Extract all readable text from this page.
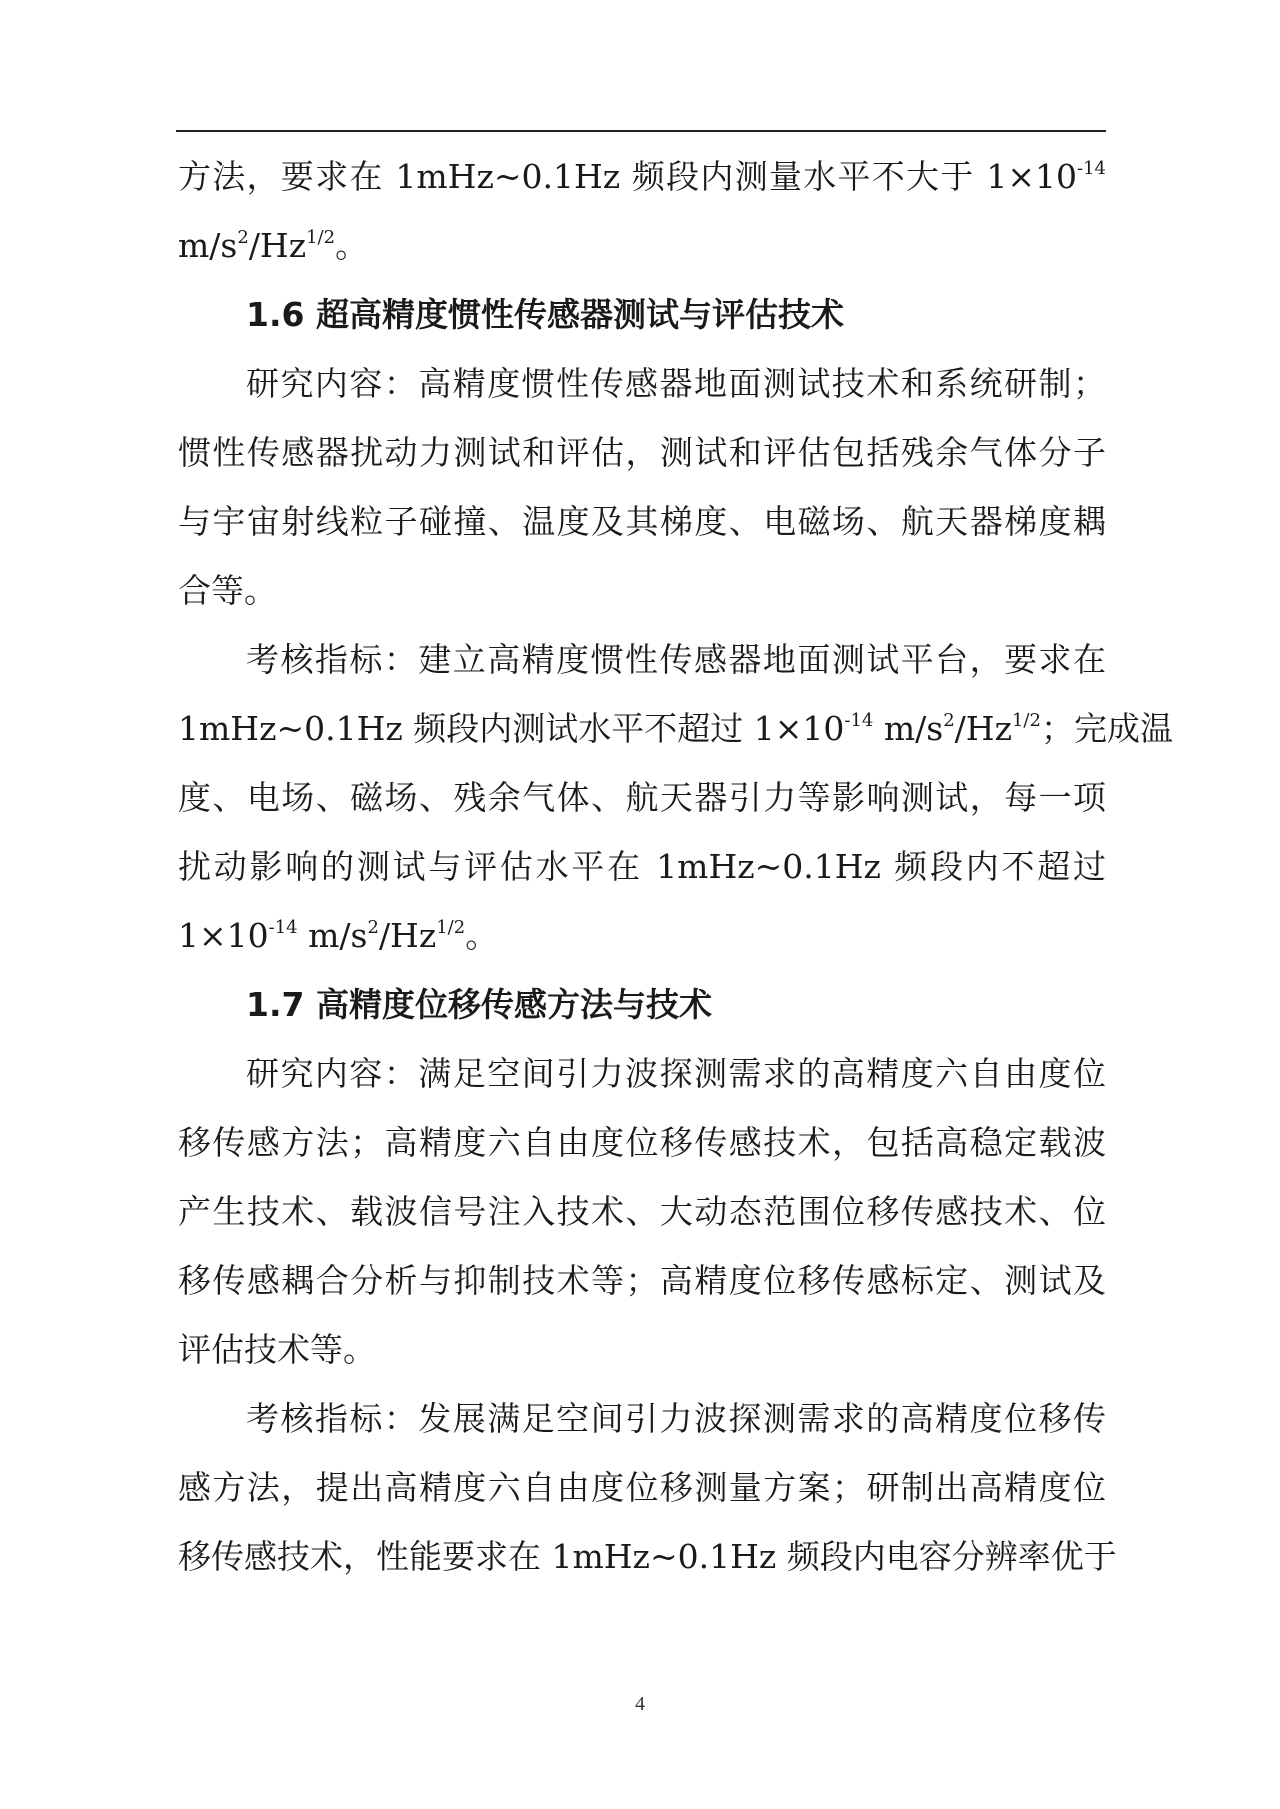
方法，要求在 1mHz~0.1Hz 频段内测量水平不大于 $1\times 10^{-14}$
$m/s^2/Hz^{1/2}$。
1.6 超高精度惯性传感器测试与评估技术
研究内容：高精度惯性传感器地面测试技术和系统研制；
惯性传感器扰动力测试和评估，测试和评估包括残余气体分子
与宇宙射线粒子碰撞、温度及其梯度、电磁场、航天器梯度耦
合等。
考核指标：建立高精度惯性传感器地面测试平台，要求在
1mHz~0.1Hz 频段内测试水平不超过 $1\times 10^{-14}$ $m/s^2/Hz^{1/2}$；完成温
度、电场、磁场、残余气体、航天器引力等影响测试，每一项
扰动影响的测试与评估水平在 1mHz~0.1Hz 频段内不超过
$1\times 10^{-14}$ $m/s^2/Hz^{1/2}$。
1.7 高精度位移传感方法与技术
研究内容：满足空间引力波探测需求的高精度六自由度位
移传感方法；高精度六自由度位移传感技术，包括高稳定载波
产生技术、载波信号注入技术、大动态范围位移传感技术、位
移传感耦合分析与抑制技术等；高精度位移传感标定、测试及
评估技术等。
考核指标：发展满足空间引力波探测需求的高精度位移传
感方法，提出高精度六自由度位移测量方案；研制出高精度位
移传感技术，性能要求在 1mHz~0.1Hz 频段内电容分辨率优于
4
